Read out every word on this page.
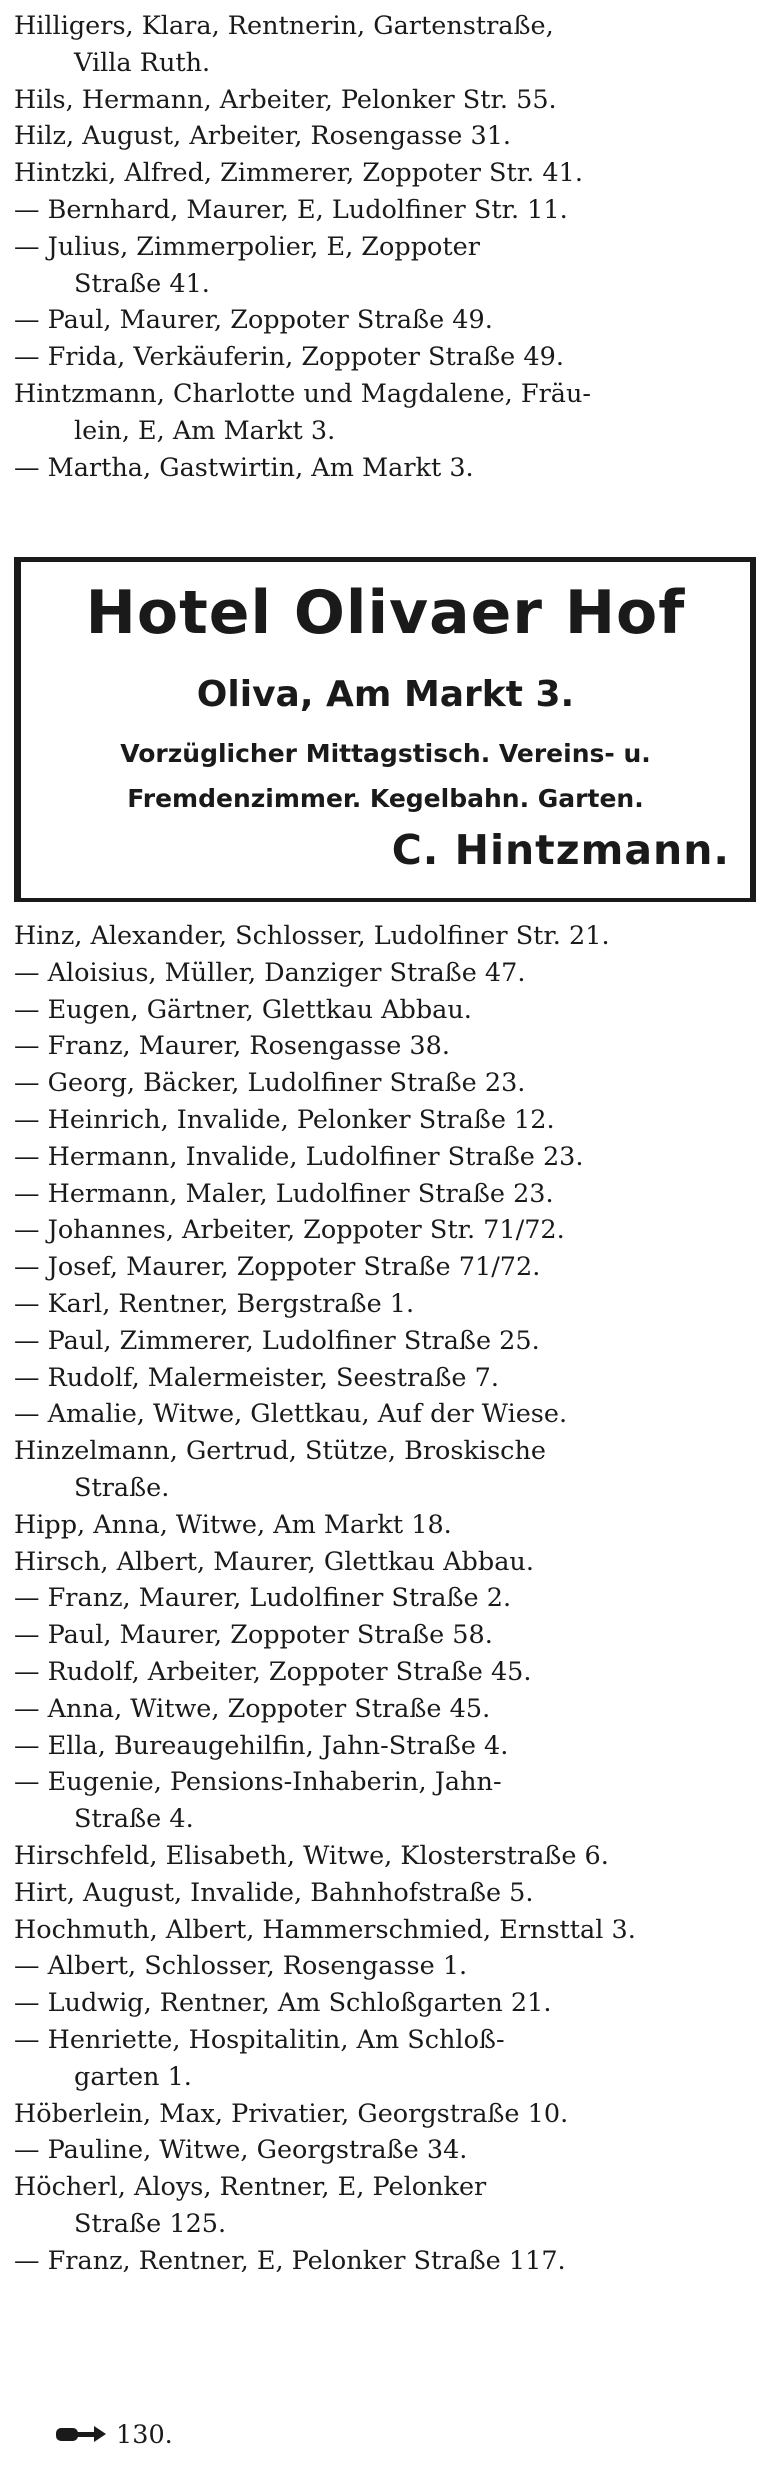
Hilligers, Klara, Rentnerin, Gartenstraße,
Villa Ruth.
Hils, Hermann, Arbeiter, Pelonker Str. 55.
Hilz, August, Arbeiter, Rosengasse 31.
Hintzki, Alfred, Zimmerer, Zoppoter Str. 41.
— Bernhard, Maurer, E, Ludolfiner Str. 11.
— Julius, Zimmerpolier, E, Zoppoter
Straße 41.
— Paul, Maurer, Zoppoter Straße 49.
— Frida, Verkäuferin, Zoppoter Straße 49.
Hintzmann, Charlotte und Magdalene, Fräu-
lein, E, Am Markt 3.
— Martha, Gastwirtin, Am Markt 3.
Hotel Olivaer Hof
Oliva, Am Markt 3.
Vorzüglicher Mittagstisch. Vereins- u.
Fremdenzimmer. Kegelbahn. Garten.
C. Hintzmann.
Hinz, Alexander, Schlosser, Ludolfiner Str. 21.
— Aloisius, Müller, Danziger Straße 47.
— Eugen, Gärtner, Glettkau Abbau.
— Franz, Maurer, Rosengasse 38.
— Georg, Bäcker, Ludolfiner Straße 23.
— Heinrich, Invalide, Pelonker Straße 12.
— Hermann, Invalide, Ludolfiner Straße 23.
— Hermann, Maler, Ludolfiner Straße 23.
— Johannes, Arbeiter, Zoppoter Str. 71/72.
— Josef, Maurer, Zoppoter Straße 71/72.
— Karl, Rentner, Bergstraße 1.
— Paul, Zimmerer, Ludolfiner Straße 25.
— Rudolf, Malermeister, Seestraße 7.
— Amalie, Witwe, Glettkau, Auf der Wiese.
Hinzelmann, Gertrud, Stütze, Broskische
Straße.
Hipp, Anna, Witwe, Am Markt 18.
Hirsch, Albert, Maurer, Glettkau Abbau.
— Franz, Maurer, Ludolfiner Straße 2.
— Paul, Maurer, Zoppoter Straße 58.
— Rudolf, Arbeiter, Zoppoter Straße 45.
— Anna, Witwe, Zoppoter Straße 45.
— Ella, Bureaugehilfin, Jahn-Straße 4.
— Eugenie, Pensions-Inhaberin, Jahn-
Straße 4.
Hirschfeld, Elisabeth, Witwe, Klosterstraße 6.
Hirt, August, Invalide, Bahnhofstraße 5.
Hochmuth, Albert, Hammerschmied, Ernsttal 3.
— Albert, Schlosser, Rosengasse 1.
— Ludwig, Rentner, Am Schloßgarten 21.
— Henriette, Hospitalitin, Am Schloß-
garten 1.
Höberlein, Max, Privatier, Georgstraße 10.
— Pauline, Witwe, Georgstraße 34.
Höcherl, Aloys, Rentner, E, Pelonker
Straße 125.
— Franz, Rentner, E, Pelonker Straße 117.
130.
